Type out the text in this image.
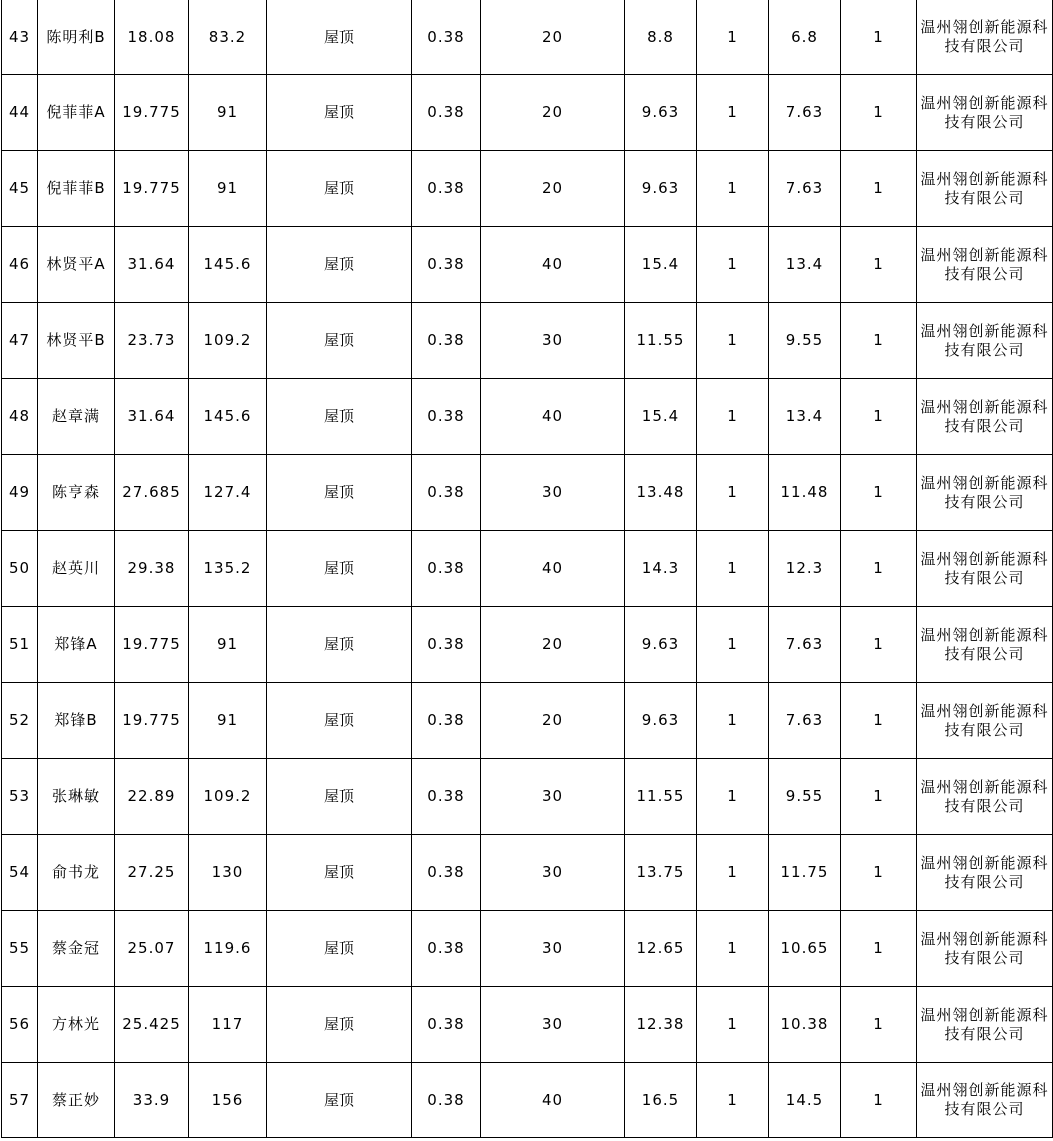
43	陈明利B	18.08	83.2	屋顶	0.38	20	8.8	1	6.8	1	温州翎创新能源科技有限公司
44	倪菲菲A	19.775	91	屋顶	0.38	20	9.63	1	7.63	1	温州翎创新能源科技有限公司
45	倪菲菲B	19.775	91	屋顶	0.38	20	9.63	1	7.63	1	温州翎创新能源科技有限公司
46	林贤平A	31.64	145.6	屋顶	0.38	40	15.4	1	13.4	1	温州翎创新能源科技有限公司
47	林贤平B	23.73	109.2	屋顶	0.38	30	11.55	1	9.55	1	温州翎创新能源科技有限公司
48	赵章满	31.64	145.6	屋顶	0.38	40	15.4	1	13.4	1	温州翎创新能源科技有限公司
49	陈亨森	27.685	127.4	屋顶	0.38	30	13.48	1	11.48	1	温州翎创新能源科技有限公司
50	赵英川	29.38	135.2	屋顶	0.38	40	14.3	1	12.3	1	温州翎创新能源科技有限公司
51	郑锋A	19.775	91	屋顶	0.38	20	9.63	1	7.63	1	温州翎创新能源科技有限公司
52	郑锋B	19.775	91	屋顶	0.38	20	9.63	1	7.63	1	温州翎创新能源科技有限公司
53	张琳敏	22.89	109.2	屋顶	0.38	30	11.55	1	9.55	1	温州翎创新能源科技有限公司
54	俞书龙	27.25	130	屋顶	0.38	30	13.75	1	11.75	1	温州翎创新能源科技有限公司
55	蔡金冠	25.07	119.6	屋顶	0.38	30	12.65	1	10.65	1	温州翎创新能源科技有限公司
56	方林光	25.425	117	屋顶	0.38	30	12.38	1	10.38	1	温州翎创新能源科技有限公司
57	蔡正妙	33.9	156	屋顶	0.38	40	16.5	1	14.5	1	温州翎创新能源科技有限公司
